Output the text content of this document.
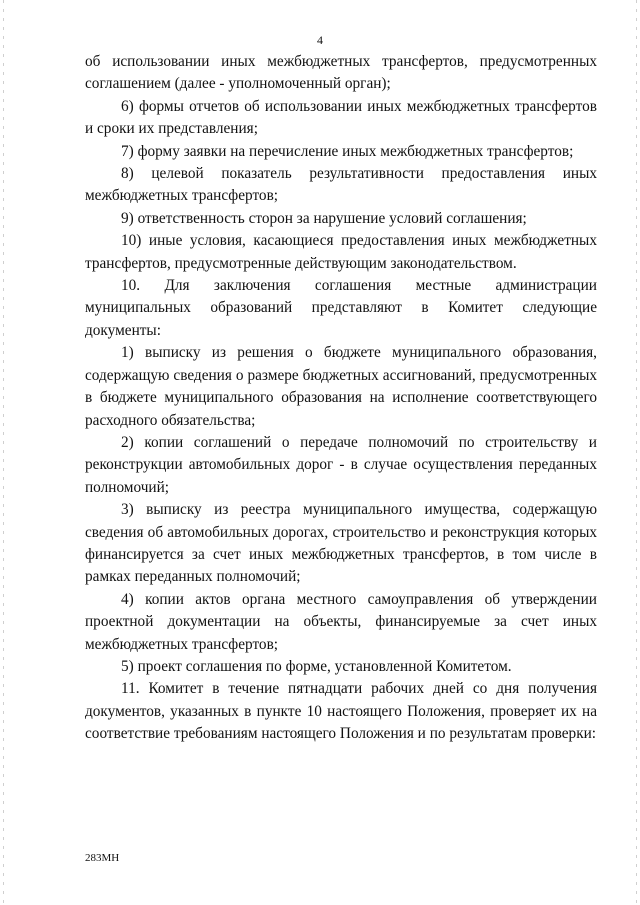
4

об использовании иных межбюджетных трансфертов, предусмотренных соглашением (далее - уполномоченный орган);

6) формы отчетов об использовании иных межбюджетных трансфертов и сроки их представления;

7) форму заявки на перечисление иных межбюджетных трансфертов;

8) целевой показатель результативности предоставления иных межбюджетных трансфертов;

9) ответственность сторон за нарушение условий соглашения;

10) иные условия, касающиеся предоставления иных межбюджетных трансфертов, предусмотренные действующим законодательством.

10. Для заключения соглашения местные администрации муниципальных образований представляют в Комитет следующие документы:

1) выписку из решения о бюджете муниципального образования, содержащую сведения о размере бюджетных ассигнований, предусмотренных в бюджете муниципального образования на исполнение соответствующего расходного обязательства;

2) копии соглашений о передаче полномочий по строительству и реконструкции автомобильных дорог - в случае осуществления переданных полномочий;

3) выписку из реестра муниципального имущества, содержащую сведения об автомобильных дорогах, строительство и реконструкция которых финансируется за счет иных межбюджетных трансфертов, в том числе в рамках переданных полномочий;

4) копии актов органа местного самоуправления об утверждении проектной документации на объекты, финансируемые за счет иных межбюджетных трансфертов;

5) проект соглашения по форме, установленной Комитетом.

11. Комитет в течение пятнадцати рабочих дней со дня получения документов, указанных в пункте 10 настоящего Положения, проверяет их на соответствие требованиям настоящего Положения и по результатам проверки:

283МН
